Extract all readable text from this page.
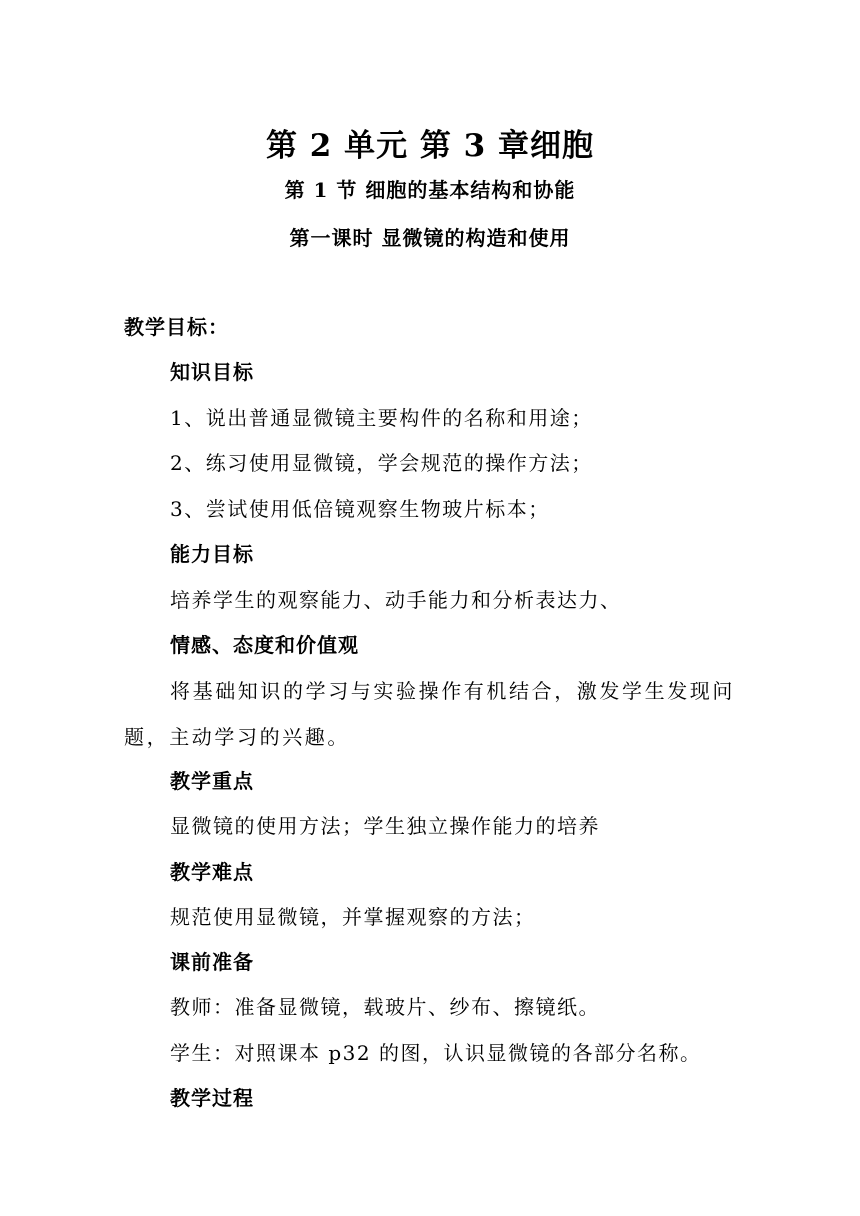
第 2 单元 第 3 章细胞
第 1 节 细胞的基本结构和协能
第一课时 显微镜的构造和使用
教学目标：
知识目标
1、说出普通显微镜主要构件的名称和用途；
2、练习使用显微镜，学会规范的操作方法；
3、尝试使用低倍镜观察生物玻片标本；
能力目标
培养学生的观察能力、动手能力和分析表达力、
情感、态度和价值观
将基础知识的学习与实验操作有机结合，激发学生发现问题，主动学习的兴趣。
教学重点
显微镜的使用方法；学生独立操作能力的培养
教学难点
规范使用显微镜，并掌握观察的方法；
课前准备
教师：准备显微镜，载玻片、纱布、擦镜纸。
学生：对照课本 p32 的图，认识显微镜的各部分名称。
教学过程
